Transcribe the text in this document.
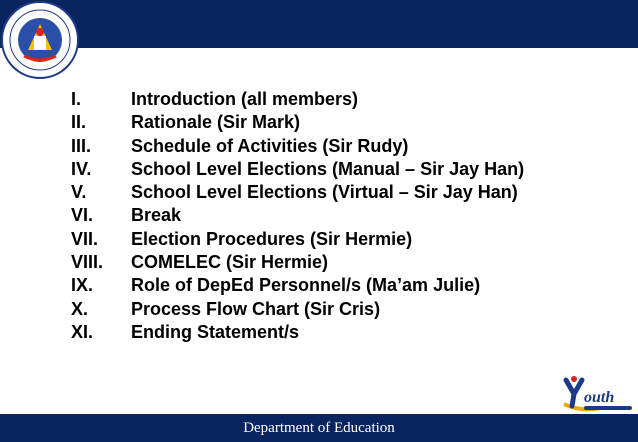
I.	Introduction (all members)
II.	Rationale (Sir Mark)
III.	Schedule of Activities (Sir Rudy)
IV.	School Level Elections (Manual – Sir Jay Han)
V.	School Level Elections (Virtual – Sir Jay Han)
VI.	Break
VII.	Election Procedures (Sir Hermie)
VIII.	COMELEC (Sir Hermie)
IX.	Role of DepEd Personnel/s (Ma’am Julie)
X.	Process Flow Chart (Sir Cris)
XI.	Ending Statement/s
outh
Department of Education
